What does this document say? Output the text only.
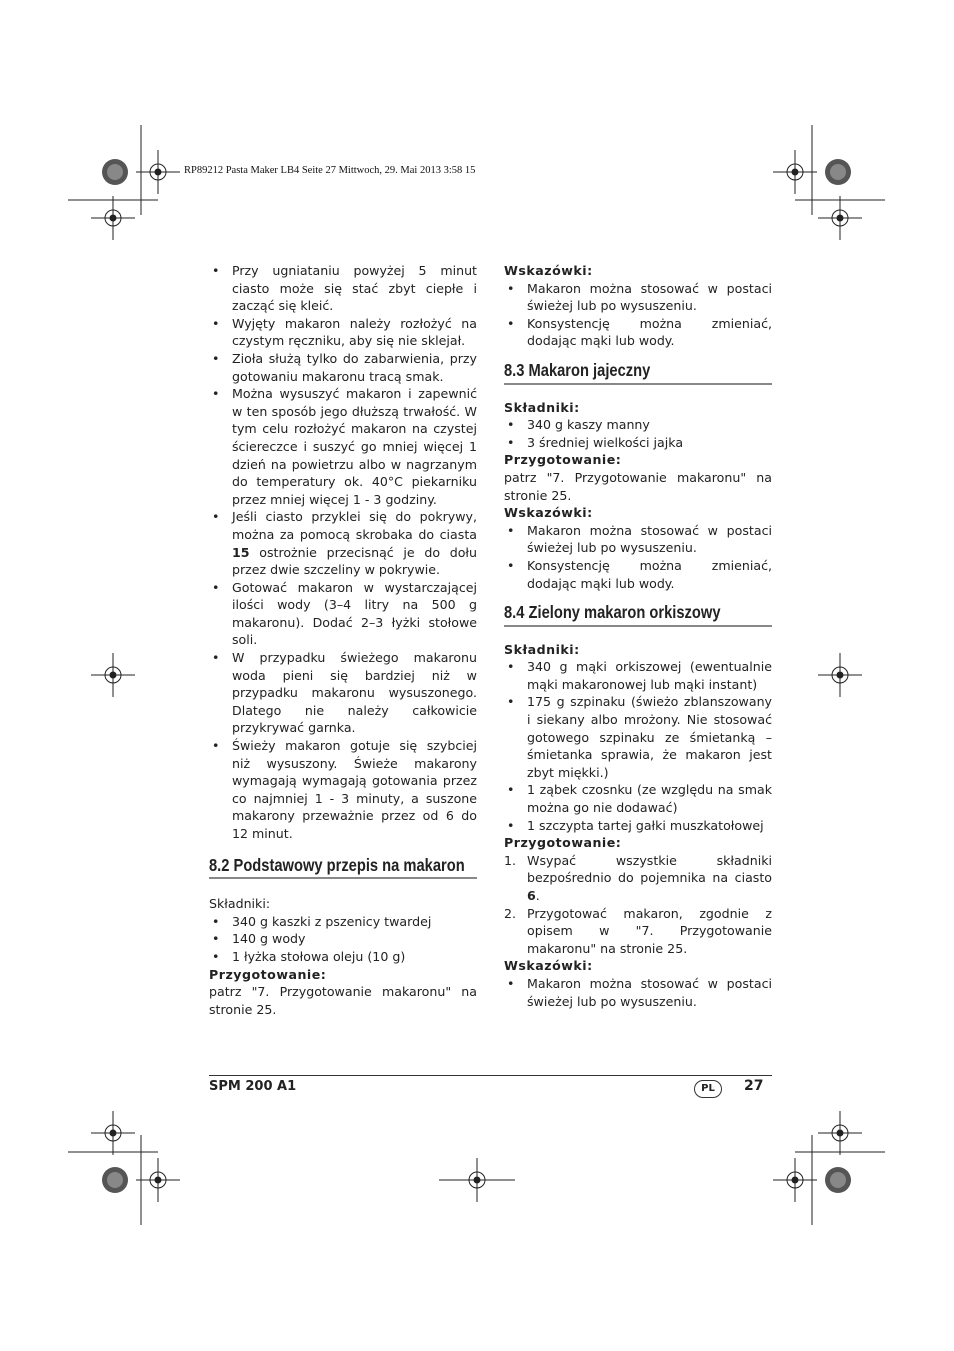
RP89212 Pasta Maker LB4 Seite 27 Mittwoch, 29. Mai 2013 3:58 15
• Przy ugniataniu powyżej 5 minut ciasto może się stać zbyt ciepłe i zacząć się kleić.
• Wyjęty makaron należy rozłożyć na czystym ręczniku, aby się nie sklejał.
• Zioła służą tylko do zabarwienia, przy gotowaniu makaronu tracą smak.
• Można wysuszyć makaron i zapewnić w ten sposób jego dłuższą trwałość. W tym celu rozłożyć makaron na czystej ściereczce i suszyć go mniej więcej 1 dzień na powietrzu albo w nagrzanym do temperatury ok. 40°C piekarniku przez mniej więcej 1 - 3 godziny.
• Jeśli ciasto przyklei się do pokrywy, można za pomocą skrobaka do ciasta 15 ostrożnie przecisnąć je do dołu przez dwie szczeliny w pokrywie.
• Gotować makaron w wystarczającej ilości wody (3–4 litry na 500 g makaronu). Dodać 2–3 łyżki stołowe soli.
• W przypadku świeżego makaronu woda pieni się bardziej niż w przypadku makaronu wysuszonego. Dlatego nie należy całkowicie przykrywać garnka.
• Świeży makaron gotuje się szybciej niż wysuszony. Świeże makarony wymagają wymagają gotowania przez co najmniej 1 - 3 minuty, a suszone makarony przeważnie przez od 6 do 12 minut.
8.2 Podstawowy przepis na makaron
Składniki:
• 340 g kaszki z pszenicy twardej
• 140 g wody
• 1 łyżka stołowa oleju (10 g)
Przygotowanie:
patrz "7. Przygotowanie makaronu" na stronie 25.
Wskazówki:
• Makaron można stosować w postaci świeżej lub po wysuszeniu.
• Konsystencję można zmieniać, dodając mąki lub wody.
8.3 Makaron jajeczny
Składniki:
• 340 g kaszy manny
• 3 średniej wielkości jajka
Przygotowanie:
patrz "7. Przygotowanie makaronu" na stronie 25.
Wskazówki:
• Makaron można stosować w postaci świeżej lub po wysuszeniu.
• Konsystencję można zmieniać, dodając mąki lub wody.
8.4 Zielony makaron orkiszowy
Składniki:
• 340 g mąki orkiszowej (ewentualnie mąki makaronowej lub mąki instant)
• 175 g szpinaku (świeżo zblanszowany i siekany albo mrożony. Nie stosować gotowego szpinaku ze śmietanką – śmietanka sprawia, że makaron jest zbyt miękki.)
• 1 ząbek czosnku (ze względu na smak można go nie dodawać)
• 1 szczypta tartej gałki muszkatołowej
Przygotowanie:
1. Wsypać wszystkie składniki bezpośrednio do pojemnika na ciasto 6.
2. Przygotować makaron, zgodnie z opisem w "7. Przygotowanie makaronu" na stronie 25.
Wskazówki:
• Makaron można stosować w postaci świeżej lub po wysuszeniu.
SPM 200 A1	PL	27
